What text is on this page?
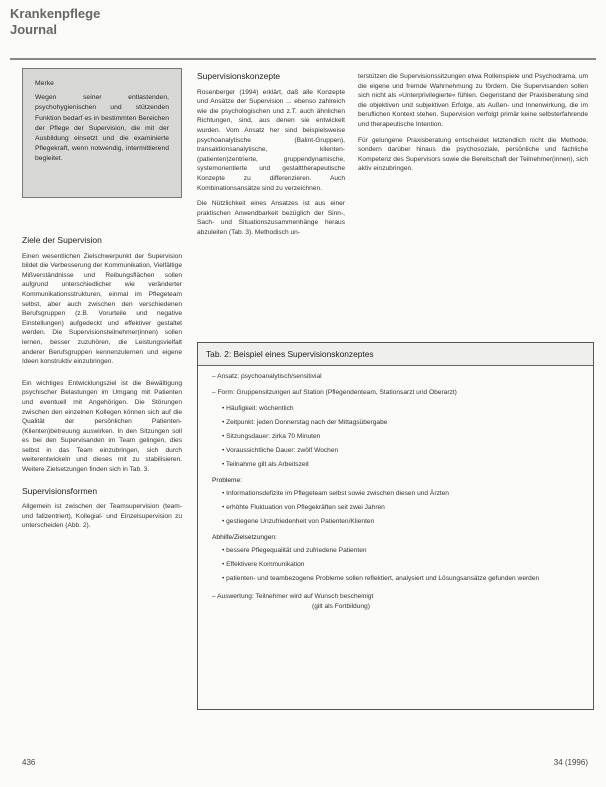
Krankenpflege
Journal
Merke
Wegen seiner entlastenden, psychohygienischen und stützenden Funktion bedarf es in bestimmten Bereichen der Pflege der Supervision, die mit der Ausbildung einsetzt und die examinierte Pflegekraft, wenn notwendig, intermittierend begleitet.
Ziele der Supervision

Einen wesentlichen Zielschwerpunkt der Supervision bildet die Verbesserung der Kommunikation, Vielfältige Mißverständnisse und Reibungsflächen sollen aufgrund unterschiedlicher wie veränderter Kommunikationsstrukturen, einmal im Pflegeteam selbst, aber auch zwischen den verschiedenen Berufsgruppen (z.B. Vorurteile und negative Einstellungen) aufgedeckt und effektiver gestaltet werden. Die Supervisionsteilnehmer(innen) sollen lernen, besser zuzuhören, die Leistungsvielfalt anderer Berufsgruppen kennenzulernen und eigene Ideen konstruktiv einzubringen.

Ein wichtiges Entwicklungsziel ist die Bewältigung psychischer Belastungen im Umgang mit Patienten und eventuell mit Angehörigen. Die Störungen zwischen den einzelnen Kollegen können sich auf die Qualität der persönlichen Patienten-(Klienten)betreuung auswirken. In den Sitzungen soll es bei den Supervisanden im Team gelingen, dies selbst in das Team einzubringen, sich durch weiterentwickeln und dieses mit zu stabilisieren. Weitere Zielsetzungen finden sich in Tab. 3.

Supervisionsformen

Allgemein ist zwischen der Teamsupervision (team- und fallzentriert), Kollegial- und Einzelsupervision zu unterscheiden (Abb. 2).

Supervisionskonzepte

Rosenberger (1994) erklärt, daß alle Konzepte und Ansätze der Supervision ... ebenso zahlreich wie die psychologischen und z.T. auch ähnlichen Richtungen, sind, aus denen sie entwickelt wurden. Vom Ansatz her sind beispielsweise psychoanalytische (Balint-Gruppen), transaktionsanalytische, klienten-(patienten)zentrierte, gruppendynamische, systemorientierte und gestalttherapeutische Konzepte zu differenzieren. Auch Kombinationsansätze sind zu verzeichnen.

Die Nützlichkeit eines Ansatzes ist aus einer praktischen Anwendbarkeit bezüglich der Sinn-, Sach- und Situationszusammenhänge heraus abzuleiten (Tab. 3). Methodisch un-

terstützen die Supervisionssitzungen etwa Rollenspiele und Psychodrama, um die eigene und fremde Wahrnehmung zu fördern. Die Supervisanden sollen sich nicht als »Unterprivilegierte« fühlen. Gegenstand der Praxisberatung sind die objektiven und subjektiven Erfolge, als Außen- und Innenwirkung, die im beruflichen Kontext stehen. Supervision verfolgt primär keine selbsterfahrende und therapeutische Intention.

Für gelungene Praxisberatung entscheidet letztendlich nicht die Methode, sondern darüber hinaus die psychosoziale, persönliche und fachliche Kompetenz des Supervisors sowie die Bereitschaft der Teilnehmer(innen), sich aktiv einzubringen.

Tab. 2: Beispiel eines Supervisionskonzeptes
– Ansatz: psychoanalytisch/sensitivial
– Form: Gruppensitzungen auf Station (Pflegendenteam, Stationsarzt und Oberarzt)
• Häufigkeit: wöchentlich
• Zeitpunkt: jeden Donnerstag nach der Mittagsübergabe
• Sitzungsdauer: zirka 70 Minuten
• Voraussichtliche Dauer: zwölf Wochen
• Teilnahme gilt als Arbeitszeit
Probleme:
• Informationsdefizite im Pflegeteam selbst sowie zwischen diesen und Ärzten
• erhöhte Fluktuation von Pflegekräften seit zwei Jahren
• gestiegene Unzufriedenheit von Patienten/Klienten
Abhilfe/Zielsetzungen:
• bessere Pflegequalität und zufriedene Patienten
• Effektivere Kommunikation
• patienten- und teambezogene Probleme sollen reflektiert, analysiert und Lösungsansätze gefunden werden
– Auswertung: Teilnehmer wird auf Wunsch bescheinigt
(gilt als Fortbildung)
436	34 (1996)
